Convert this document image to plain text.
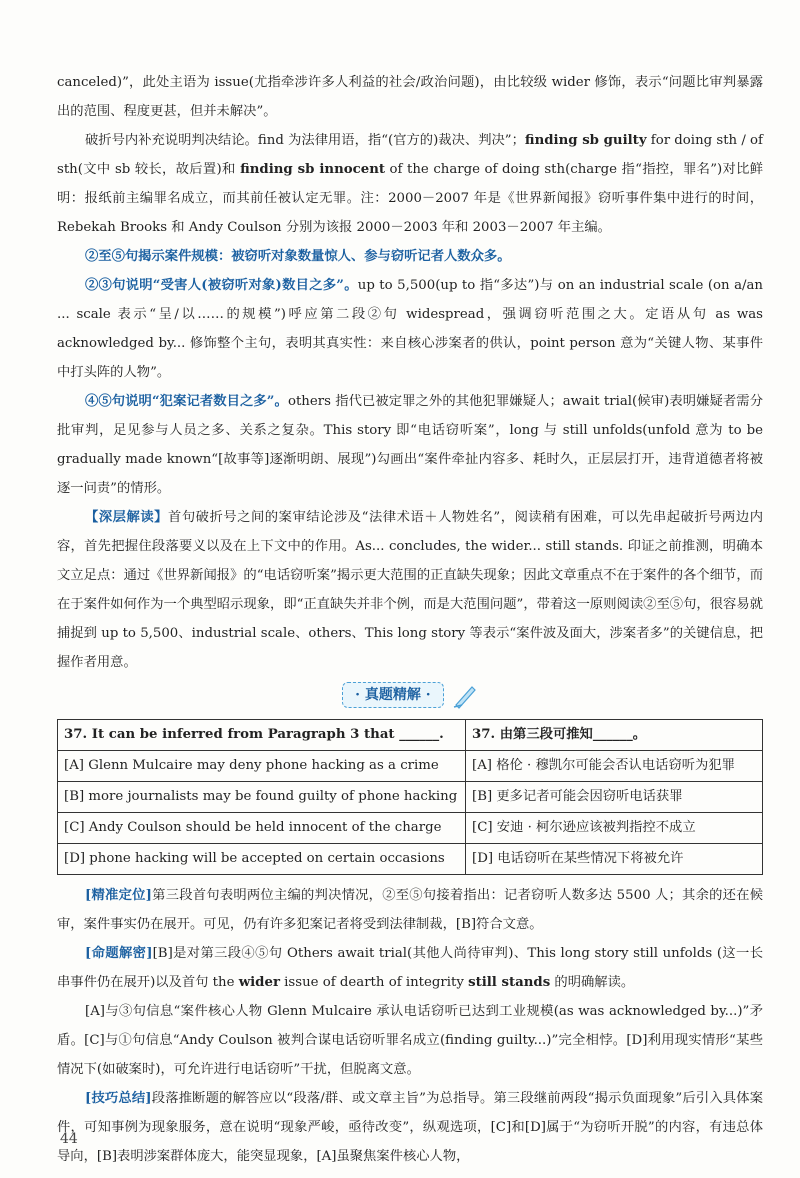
canceled)”，此处主语为 issue(尤指牵涉许多人利益的社会/政治问题)，由比较级 wider 修饰，表示“问题比审判暴露出的范围、程度更甚，但并未解决”。

破折号内补充说明判决结论。find 为法律用语，指“(官方的)裁决、判决”；finding sb guilty for doing sth / of sth(文中 sb 较长，故后置)和 finding sb innocent of the charge of doing sth(charge 指“指控，罪名”)对比鲜明：报纸前主编罪名成立，而其前任被认定无罪。注：2000－2007 年是《世界新闻报》窃听事件集中进行的时间，Rebekah Brooks 和 Andy Coulson 分别为该报 2000－2003 年和 2003－2007 年主编。

②至⑤句揭示案件规模：被窃听对象数量惊人、参与窃听记者人数众多。

②③句说明“受害人(被窃听对象)数目之多”。up to 5,500(up to 指“多达”)与 on an industrial scale (on a/an ... scale 表示“呈/以……的规模”)呼应第二段②句 widespread，强调窃听范围之大。定语从句 as was acknowledged by... 修饰整个主句，表明其真实性：来自核心涉案者的供认，point person 意为“关键人物、某事件中打头阵的人物”。

④⑤句说明“犯案记者数目之多”。others 指代已被定罪之外的其他犯罪嫌疑人；await trial(候审)表明嫌疑者需分批审判，足见参与人员之多、关系之复杂。This story 即“电话窃听案”，long 与 still unfolds(unfold 意为 to be gradually made known“[故事等]逐渐明朗、展现”)勾画出“案件牵扯内容多、耗时久，正层层打开，违背道德者将被逐一问责”的情形。

【深层解读】首句破折号之间的案审结论涉及“法律术语＋人物姓名”，阅读稍有困难，可以先串起破折号两边内容，首先把握住段落要义以及在上下文中的作用。As... concludes, the wider... still stands. 印证之前推测，明确本文立足点：通过《世界新闻报》的“电话窃听案”揭示更大范围的正直缺失现象；因此文章重点不在于案件的各个细节，而在于案件如何作为一个典型昭示现象，即“正直缺失并非个例，而是大范围问题”，带着这一原则阅读②至⑤句，很容易就捕捉到 up to 5,500、industrial scale、others、This long story 等表示“案件波及面大，涉案者多”的关键信息，把握作者用意。

· 真题精解 ·
37. It can be inferred from Paragraph 3 that ______.	37. 由第三段可推知______。
[A] Glenn Mulcaire may deny phone hacking as a crime	[A] 格伦 · 穆凯尔可能会否认电话窃听为犯罪
[B] more journalists may be found guilty of phone hacking	[B] 更多记者可能会因窃听电话获罪
[C] Andy Coulson should be held innocent of the charge	[C] 安迪 · 柯尔逊应该被判指控不成立
[D] phone hacking will be accepted on certain occasions	[D] 电话窃听在某些情况下将被允许

[精准定位]第三段首句表明两位主编的判决情况，②至⑤句接着指出：记者窃听人数多达 5500 人；其余的还在候审，案件事实仍在展开。可见，仍有许多犯案记者将受到法律制裁，[B]符合文意。

[命题解密][B]是对第三段④⑤句 Others await trial(其他人尚待审判)、This long story still unfolds (这一长串事件仍在展开)以及首句 the wider issue of dearth of integrity still stands 的明确解读。

[A]与③句信息“案件核心人物 Glenn Mulcaire 承认电话窃听已达到工业规模(as was acknowledged by...)”矛盾。[C]与①句信息“Andy Coulson 被判合谋电话窃听罪名成立(finding guilty...)”完全相悖。[D]利用现实情形“某些情况下(如破案时)，可允许进行电话窃听”干扰，但脱离文意。

[技巧总结]段落推断题的解答应以“段落/群、或文章主旨”为总指导。第三段继前两段“揭示负面现象”后引入具体案件，可知事例为现象服务，意在说明“现象严峻，亟待改变”，纵观选项，[C]和[D]属于“为窃听开脱”的内容，有违总体导向，[B]表明涉案群体庞大，能突显现象，[A]虽聚焦案件核心人物，

44
